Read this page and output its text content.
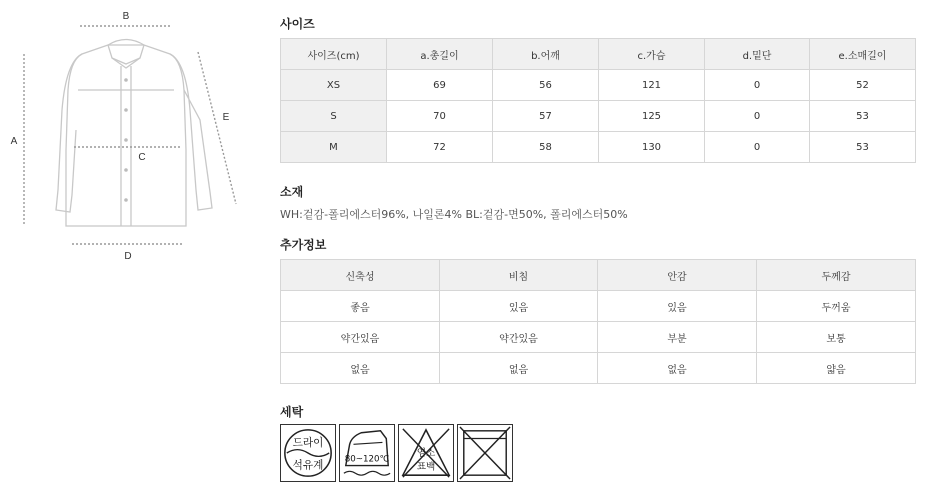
B
A
C
D
E
사이즈
사이즈(cm)	a.총길이	b.어깨	c.가슴	d.밑단	e.소매길이
XS	69	56	121	0	52
S	70	57	125	0	53
M	72	58	130	0	53
소재
WH:겉감-폴리에스터96%, 나일론4% BL:겉감-면50%, 폴리에스터50%
추가정보
신축성	비침	안감	두께감
좋음	있음	있음	두꺼움
약간있음	약간있음	부분	보통
없음	없음	없음	얇음
세탁
드라이
석유계 80~120℃
염소
표백
